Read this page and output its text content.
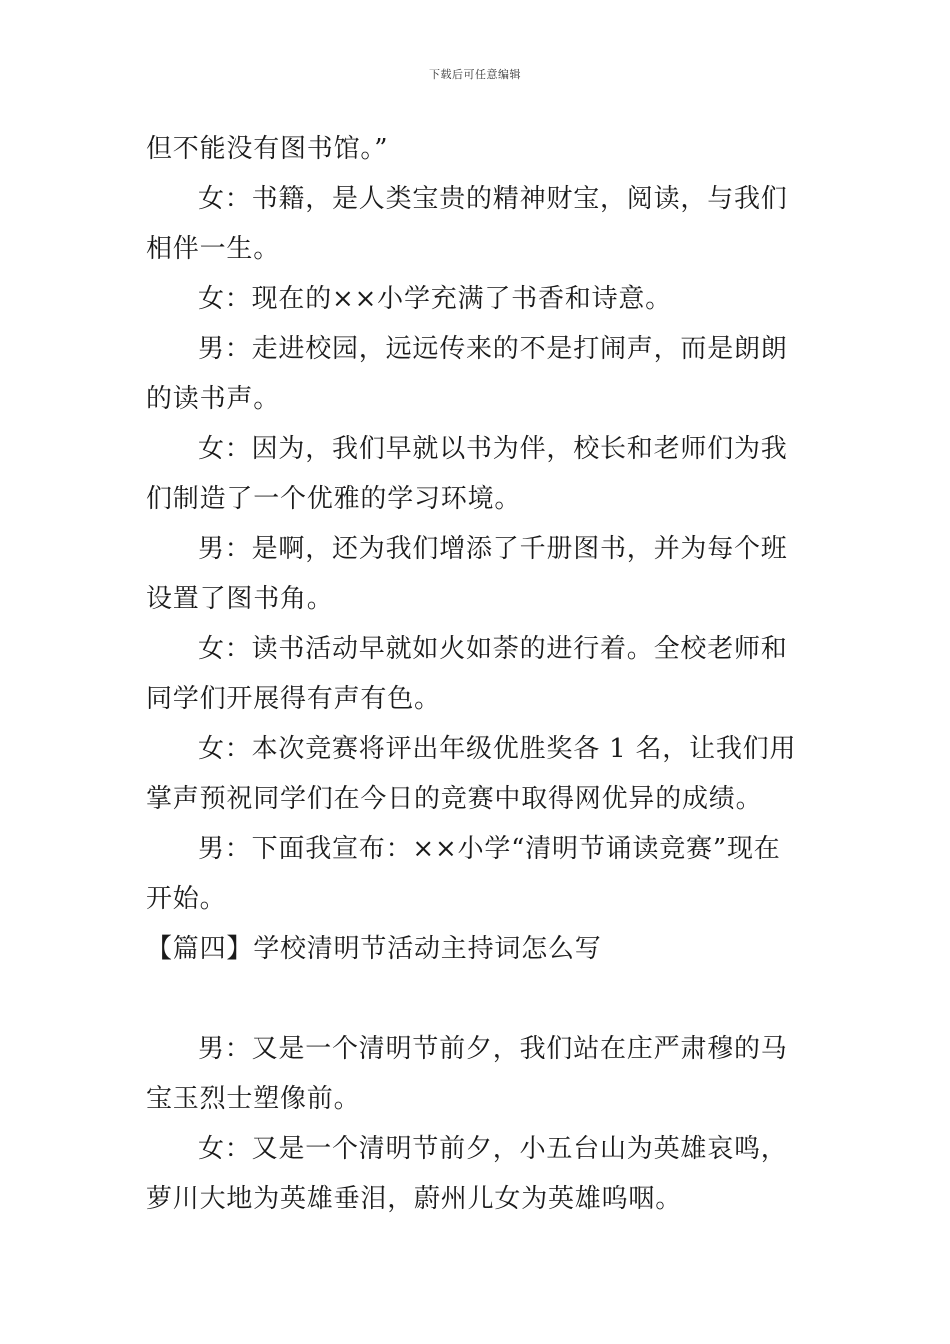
下载后可任意编辑

但不能没有图书馆。”

女：书籍，是人类宝贵的精神财宝，阅读，与我们相伴一生。

女：现在的××小学充满了书香和诗意。

男：走进校园，远远传来的不是打闹声，而是朗朗的读书声。

女：因为，我们早就以书为伴，校长和老师们为我们制造了一个优雅的学习环境。

男：是啊，还为我们增添了千册图书，并为每个班设置了图书角。

女：读书活动早就如火如荼的进行着。全校老师和同学们开展得有声有色。

女：本次竞赛将评出年级优胜奖各 1 名，让我们用掌声预祝同学们在今日的竞赛中取得网优异的成绩。

男：下面我宣布：××小学“清明节诵读竞赛”现在开始。

【篇四】学校清明节活动主持词怎么写

男：又是一个清明节前夕，我们站在庄严肃穆的马宝玉烈士塑像前。

女：又是一个清明节前夕，小五台山为英雄哀鸣，萝川大地为英雄垂泪，蔚州儿女为英雄呜咽。
